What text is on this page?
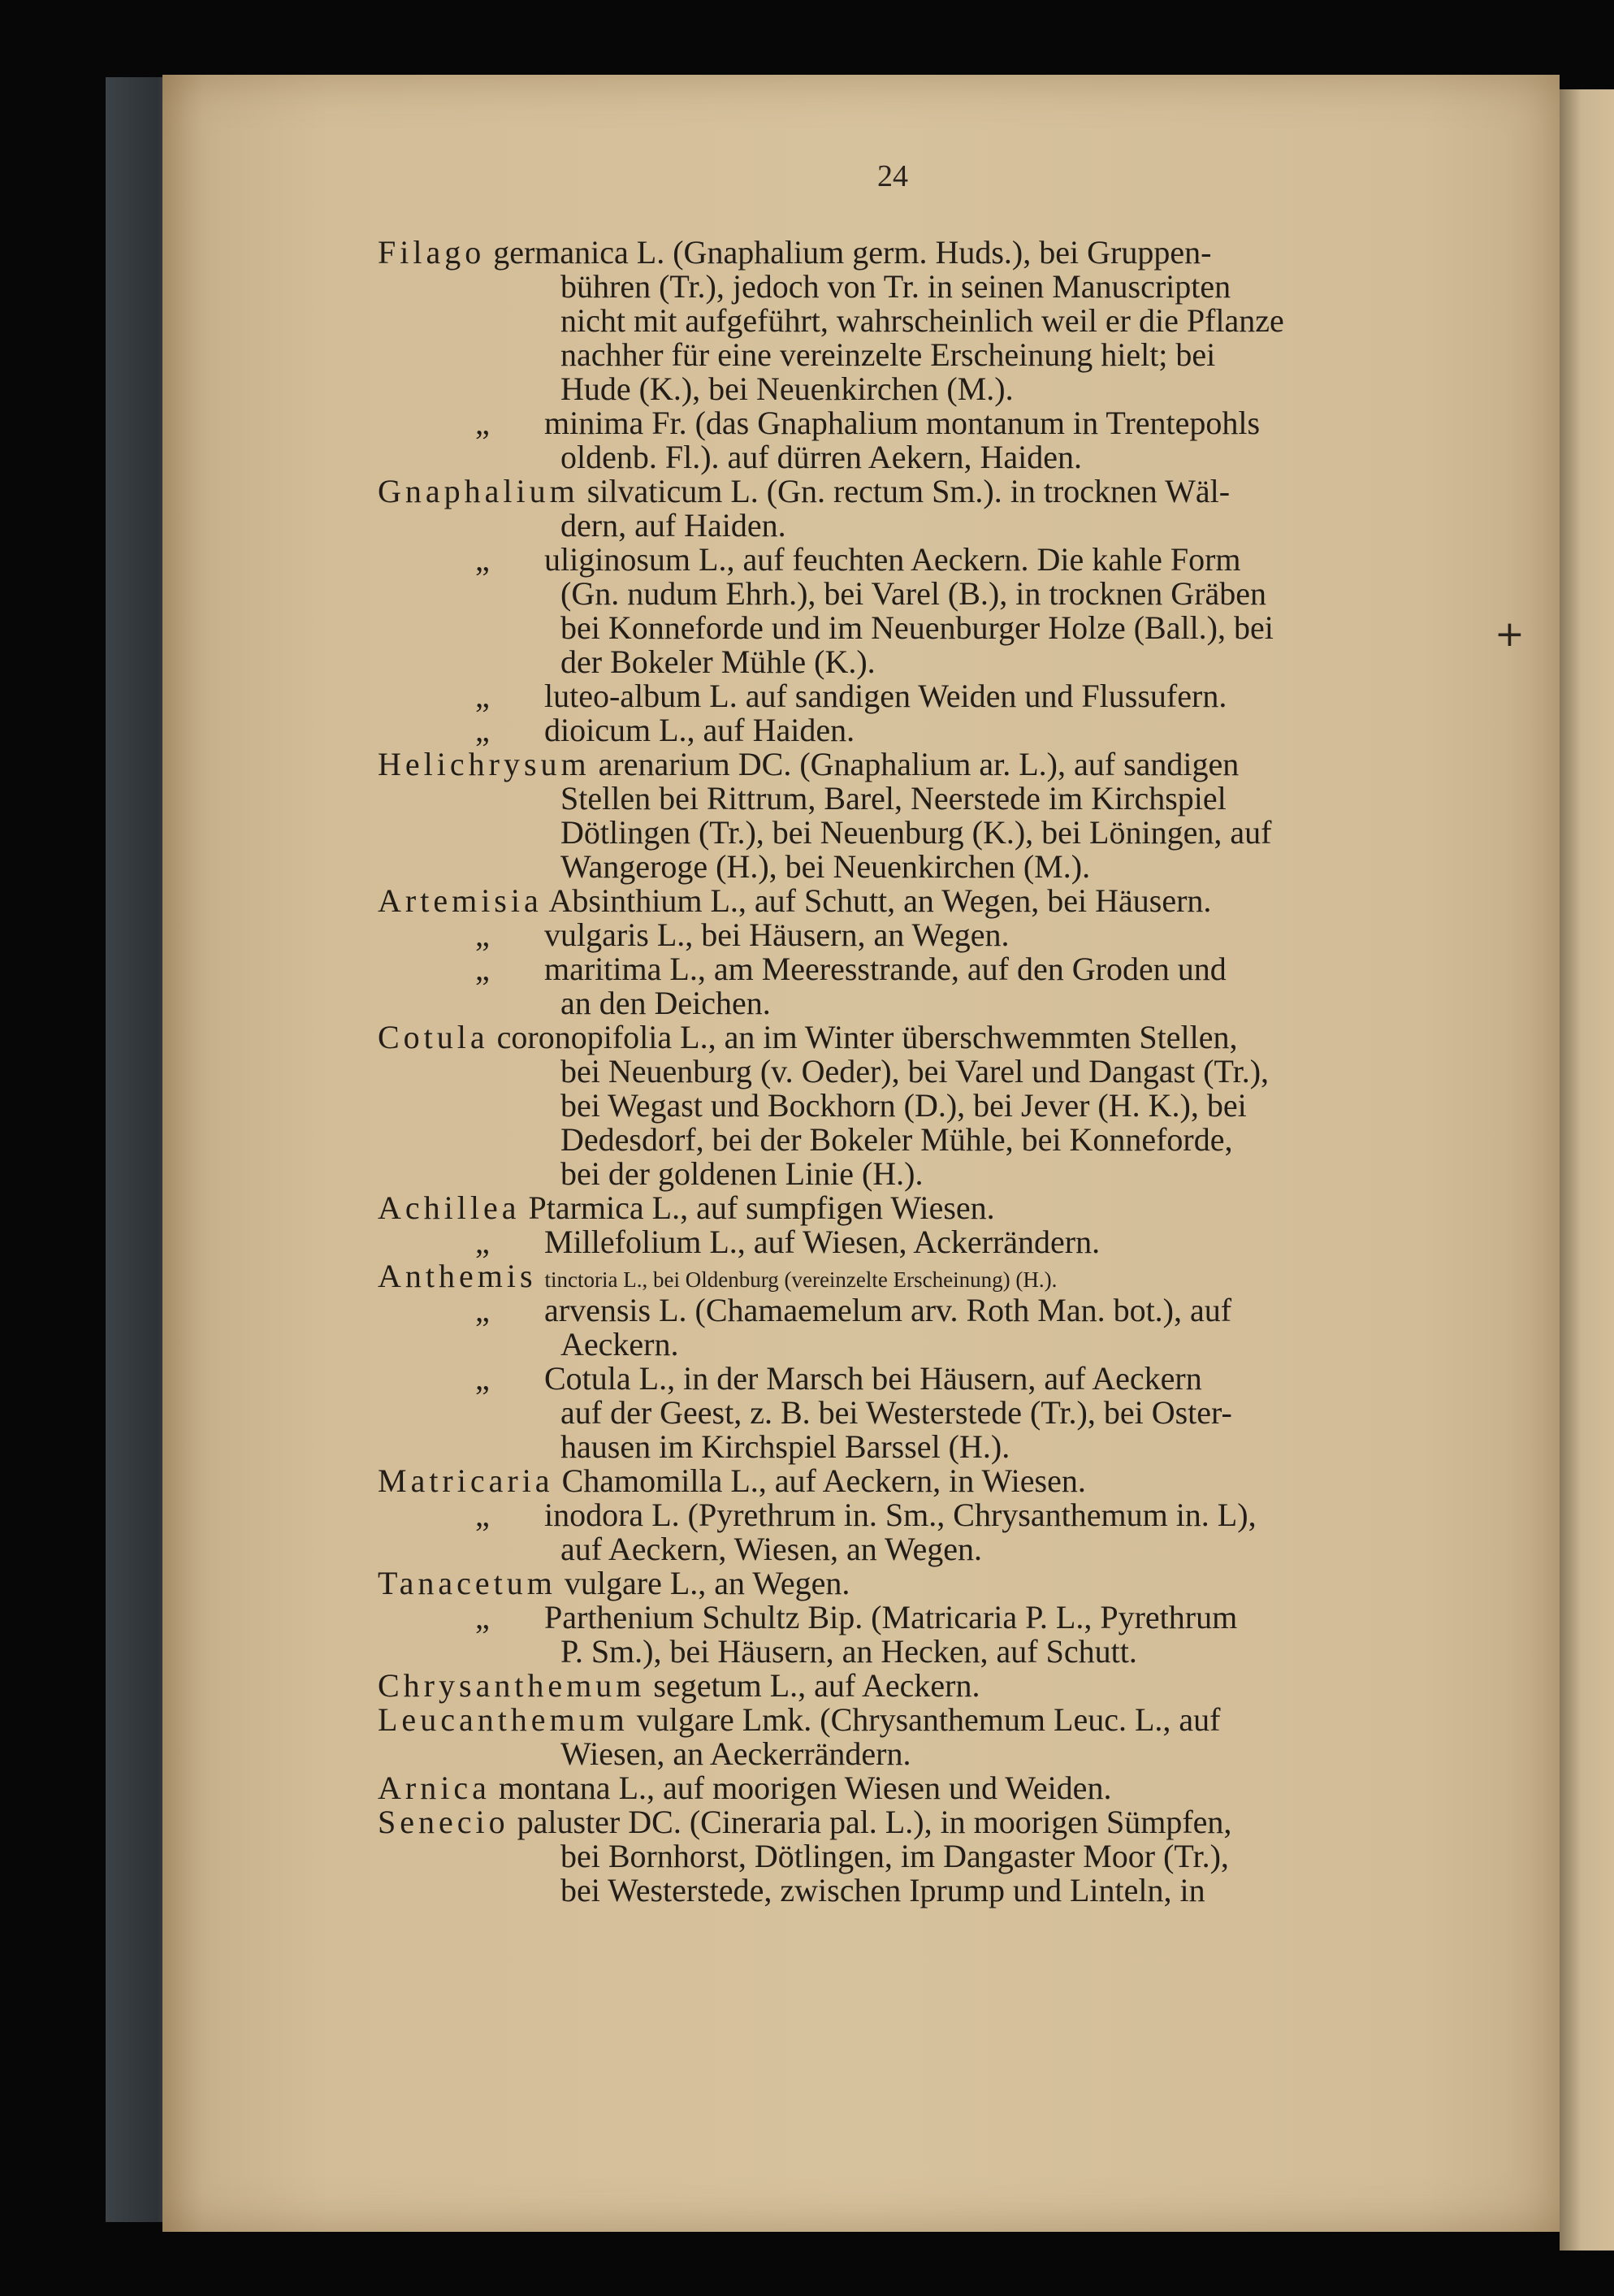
24
+
Filago germanica L. (Gnaphalium germ. Huds.), bei Gruppen-
bühren (Tr.), jedoch von Tr. in seinen Manuscripten
nicht mit aufgeführt, wahrscheinlich weil er die Pflanze
nachher für eine vereinzelte Erscheinung hielt; bei
Hude (K.), bei Neuenkirchen (M.).
„ minima Fr. (das Gnaphalium montanum in Trentepohls
oldenb. Fl.). auf dürren Aekern, Haiden.
Gnaphalium silvaticum L. (Gn. rectum Sm.). in trocknen Wäl-
dern, auf Haiden.
„ uliginosum L., auf feuchten Aeckern. Die kahle Form
(Gn. nudum Ehrh.), bei Varel (B.), in trocknen Gräben
bei Konneforde und im Neuenburger Holze (Ball.), bei
der Bokeler Mühle (K.).
„ luteo-album L. auf sandigen Weiden und Flussufern.
„ dioicum L., auf Haiden.
Helichrysum arenarium DC. (Gnaphalium ar. L.), auf sandigen
Stellen bei Rittrum, Barel, Neerstede im Kirchspiel
Dötlingen (Tr.), bei Neuenburg (K.), bei Löningen, auf
Wangeroge (H.), bei Neuenkirchen (M.).
Artemisia Absinthium L., auf Schutt, an Wegen, bei Häusern.
„ vulgaris L., bei Häusern, an Wegen.
„ maritima L., am Meeresstrande, auf den Groden und
an den Deichen.
Cotula coronopifolia L., an im Winter überschwemmten Stellen,
bei Neuenburg (v. Oeder), bei Varel und Dangast (Tr.),
bei Wegast und Bockhorn (D.), bei Jever (H. K.), bei
Dedesdorf, bei der Bokeler Mühle, bei Konneforde,
bei der goldenen Linie (H.).
Achillea Ptarmica L., auf sumpfigen Wiesen.
„ Millefolium L., auf Wiesen, Ackerrändern.
Anthemis tinctoria L., bei Oldenburg (vereinzelte Erscheinung) (H.).
„ arvensis L. (Chamaemelum arv. Roth Man. bot.), auf
Aeckern.
„ Cotula L., in der Marsch bei Häusern, auf Aeckern
auf der Geest, z. B. bei Westerstede (Tr.), bei Oster-
hausen im Kirchspiel Barssel (H.).
Matricaria Chamomilla L., auf Aeckern, in Wiesen.
„ inodora L. (Pyrethrum in. Sm., Chrysanthemum in. L),
auf Aeckern, Wiesen, an Wegen.
Tanacetum vulgare L., an Wegen.
„ Parthenium Schultz Bip. (Matricaria P. L., Pyrethrum
P. Sm.), bei Häusern, an Hecken, auf Schutt.
Chrysanthemum segetum L., auf Aeckern.
Leucanthemum vulgare Lmk. (Chrysanthemum Leuc. L., auf
Wiesen, an Aeckerrändern.
Arnica montana L., auf moorigen Wiesen und Weiden.
Senecio paluster DC. (Cineraria pal. L.), in moorigen Sümpfen,
bei Bornhorst, Dötlingen, im Dangaster Moor (Tr.),
bei Westerstede, zwischen Iprump und Linteln, in
